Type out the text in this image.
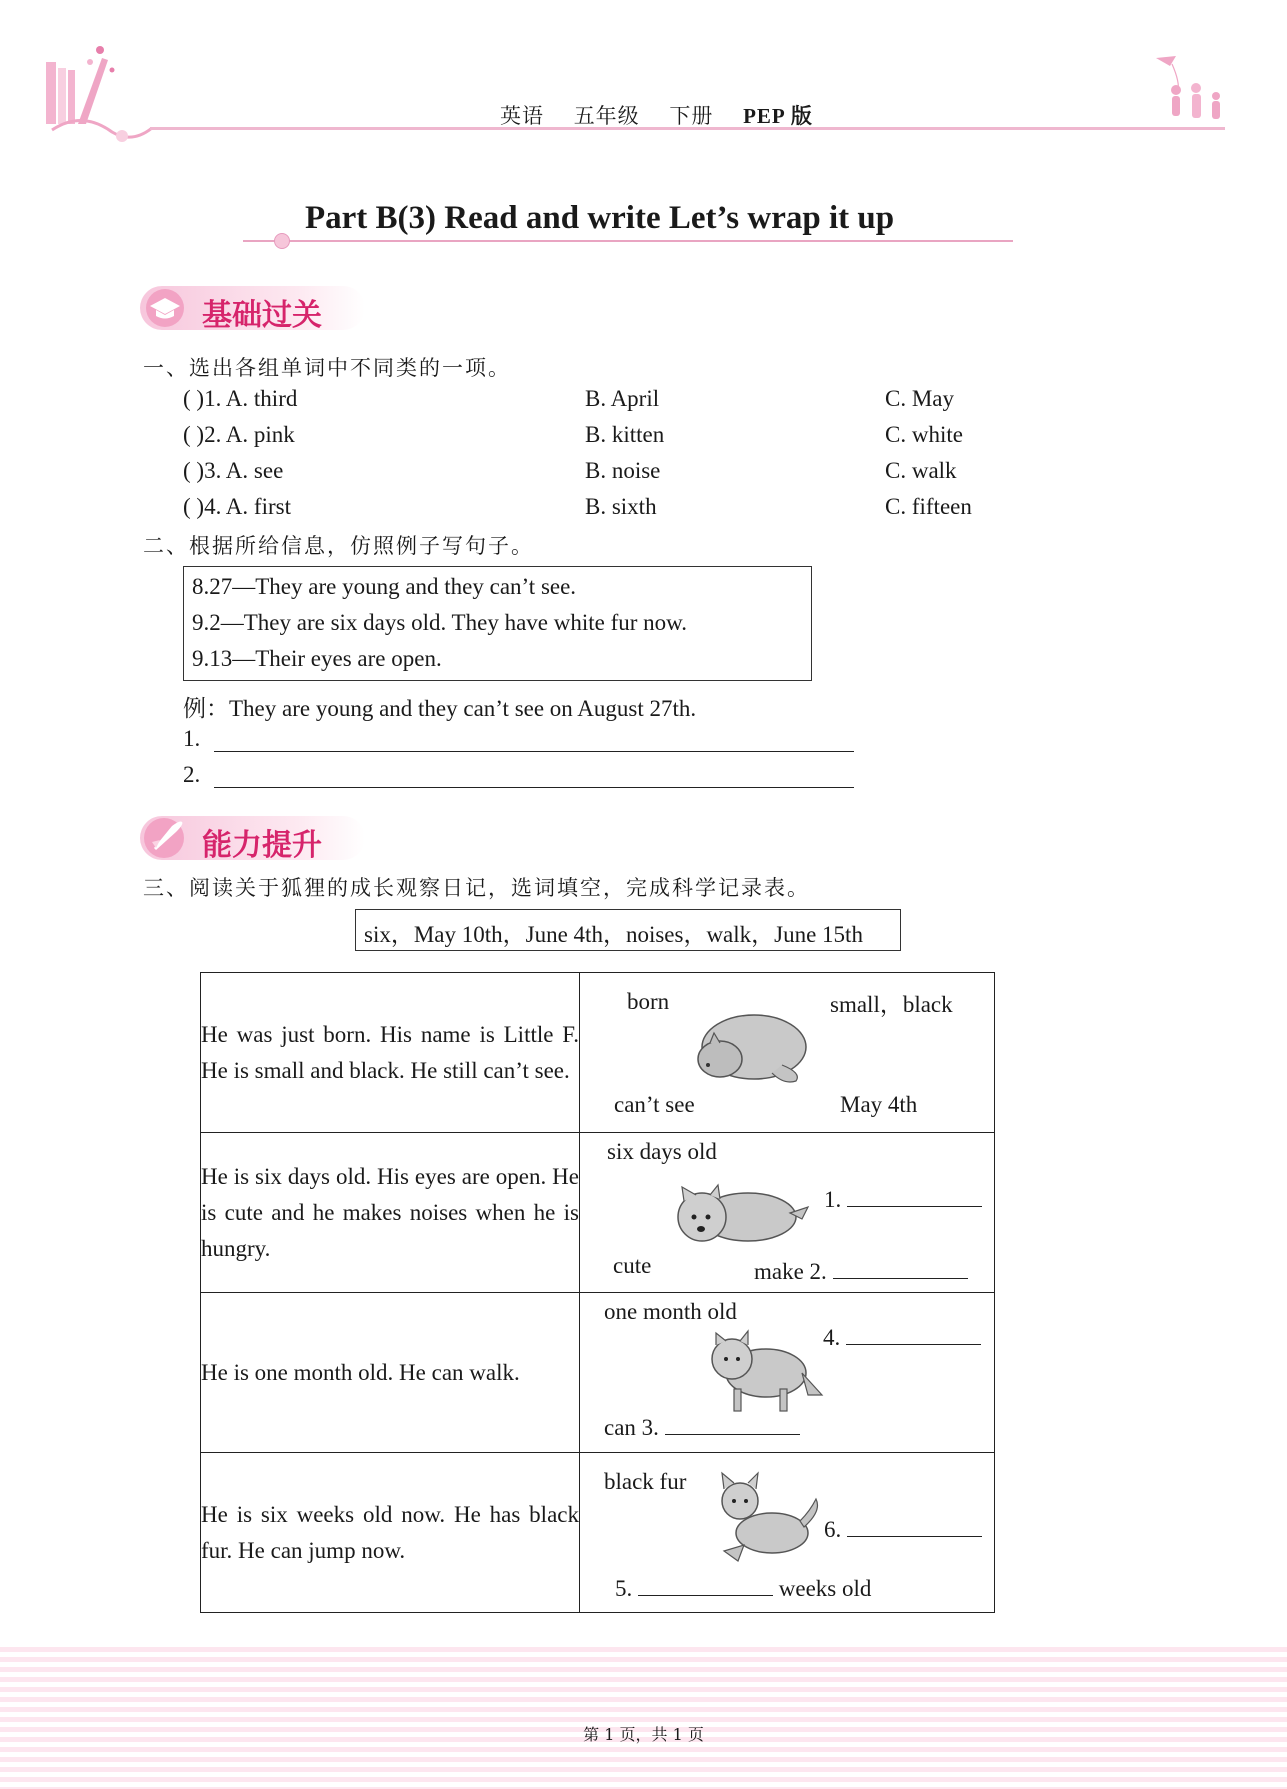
英语 五年级 下册 PEP 版
Part B(3) Read and write Let’s wrap it up
基础过关
一、选出各组单词中不同类的一项。
( )1. A. third	B. April	C. May
( )2. A. pink	B. kitten	C. white
( )3. A. see	B. noise	C. walk
( )4. A. first	B. sixth	C. fifteen
二、根据所给信息，仿照例子写句子。
8.27—They are young and they can’t see.
9.2—They are six days old. They have white fur now.
9.13—Their eyes are open.
例：They are young and they can’t see on August 27th.
1.
2.
能力提升
三、阅读关于狐狸的成长观察日记，选词填空，完成科学记录表。
six，May 10th，June 4th，noises，walk，June 15th
He was just born. His name is Little F. He is small and black. He still can’t see.	born small，black
can’t see May 4th

He is six days old. His eyes are open. He is cute and he makes noises when he is hungry.	six days old
1.
cute make 2.

He is one month old. He can walk.	one month old
4.
can 3.

He is six weeks old now. He has black fur. He can jump now.	black fur
6.
5. weeks old
第 1 页，共 1 页
